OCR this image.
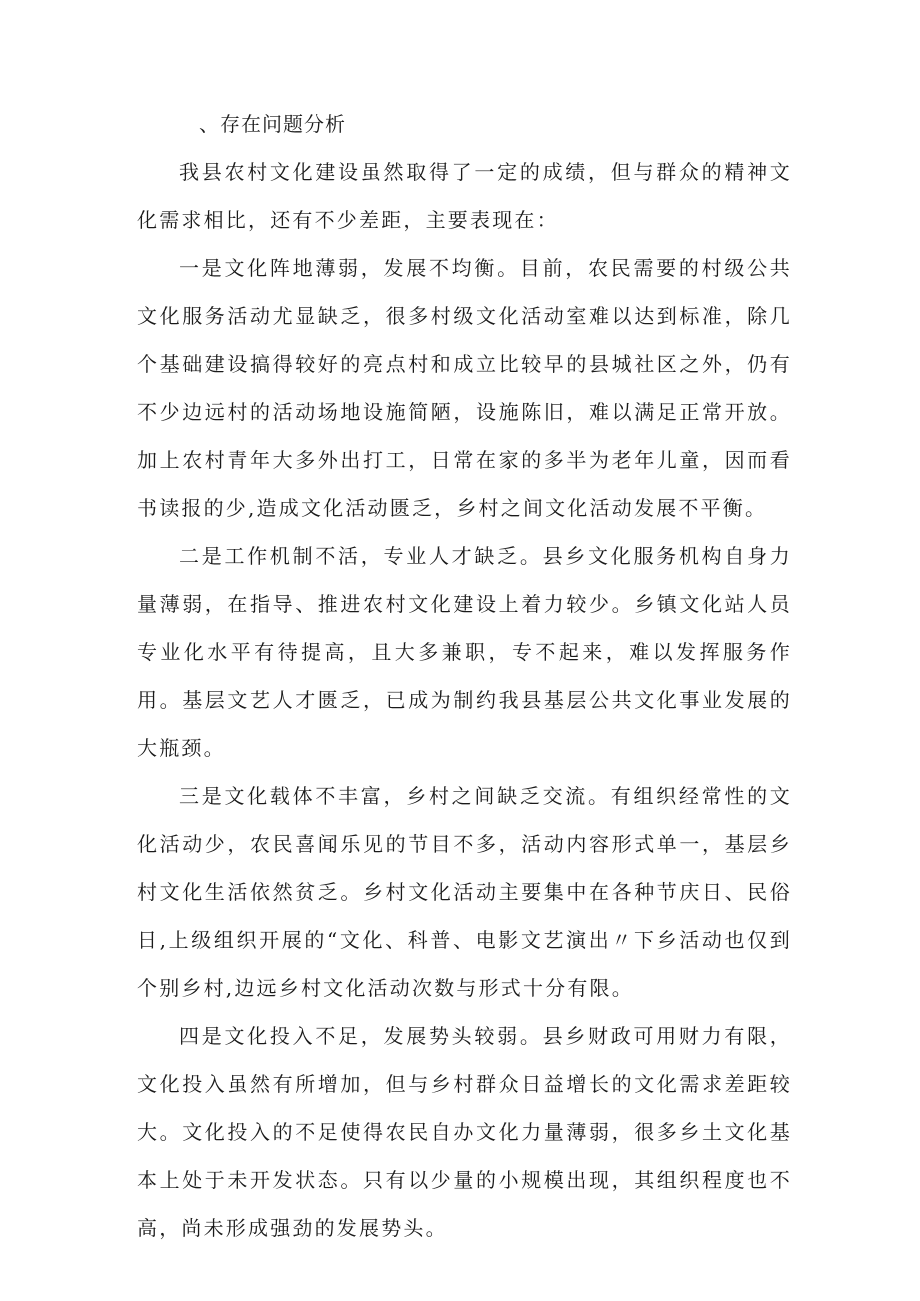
、存在问题分析

我县农村文化建设虽然取得了一定的成绩，但与群众的精神文化需求相比，还有不少差距，主要表现在：

一是文化阵地薄弱，发展不均衡。目前，农民需要的村级公共文化服务活动尤显缺乏，很多村级文化活动室难以达到标准，除几个基础建设搞得较好的亮点村和成立比较早的县城社区之外，仍有不少边远村的活动场地设施简陋，设施陈旧，难以满足正常开放。加上农村青年大多外出打工，日常在家的多半为老年儿童，因而看书读报的少,造成文化活动匮乏，乡村之间文化活动发展不平衡。

二是工作机制不活，专业人才缺乏。县乡文化服务机构自身力量薄弱，在指导、推进农村文化建设上着力较少。乡镇文化站人员专业化水平有待提高，且大多兼职，专不起来，难以发挥服务作用。基层文艺人才匮乏，已成为制约我县基层公共文化事业发展的大瓶颈。

三是文化载体不丰富，乡村之间缺乏交流。有组织经常性的文化活动少，农民喜闻乐见的节目不多，活动内容形式单一，基层乡村文化生活依然贫乏。乡村文化活动主要集中在各种节庆日、民俗日,上级组织开展的“文化、科普、电影文艺演出〃下乡活动也仅到个别乡村,边远乡村文化活动次数与形式十分有限。

四是文化投入不足，发展势头较弱。县乡财政可用财力有限，文化投入虽然有所增加，但与乡村群众日益增长的文化需求差距较大。文化投入的不足使得农民自办文化力量薄弱，很多乡土文化基本上处于未开发状态。只有以少量的小规模出现，其组织程度也不高，尚未形成强劲的发展势头。
